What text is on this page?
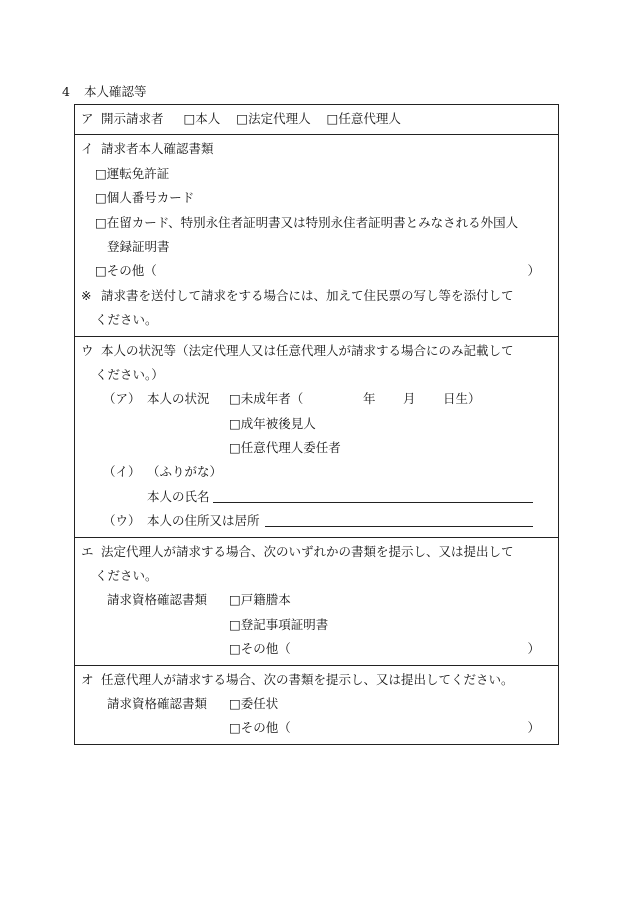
4 本人確認等
ア 開示請求者 □本人 □法定代理人 □任意代理人
イ 請求者本人確認書類
□運転免許証
□個人番号カード
□在留カード、特別永住者証明書又は特別永住者証明書とみなされる外国人
登録証明書
□その他（	）
※ 請求書を送付して請求をする場合には、加えて住民票の写し等を添付して
ください。
ウ 本人の状況等（法定代理人又は任意代理人が請求する場合にのみ記載して
ください。）
（ア） 本人の状況 □未成年者（	年 月 日生）
□成年被後見人
□任意代理人委任者
（イ） （ふりがな）
本人の氏名
（ウ） 本人の住所又は居所
エ 法定代理人が請求する場合、次のいずれかの書類を提示し、又は提出して
ください。
請求資格確認書類 □戸籍謄本
□登記事項証明書
□その他（	）
オ 任意代理人が請求する場合、次の書類を提示し、又は提出してください。
請求資格確認書類 □委任状
□その他（	）
